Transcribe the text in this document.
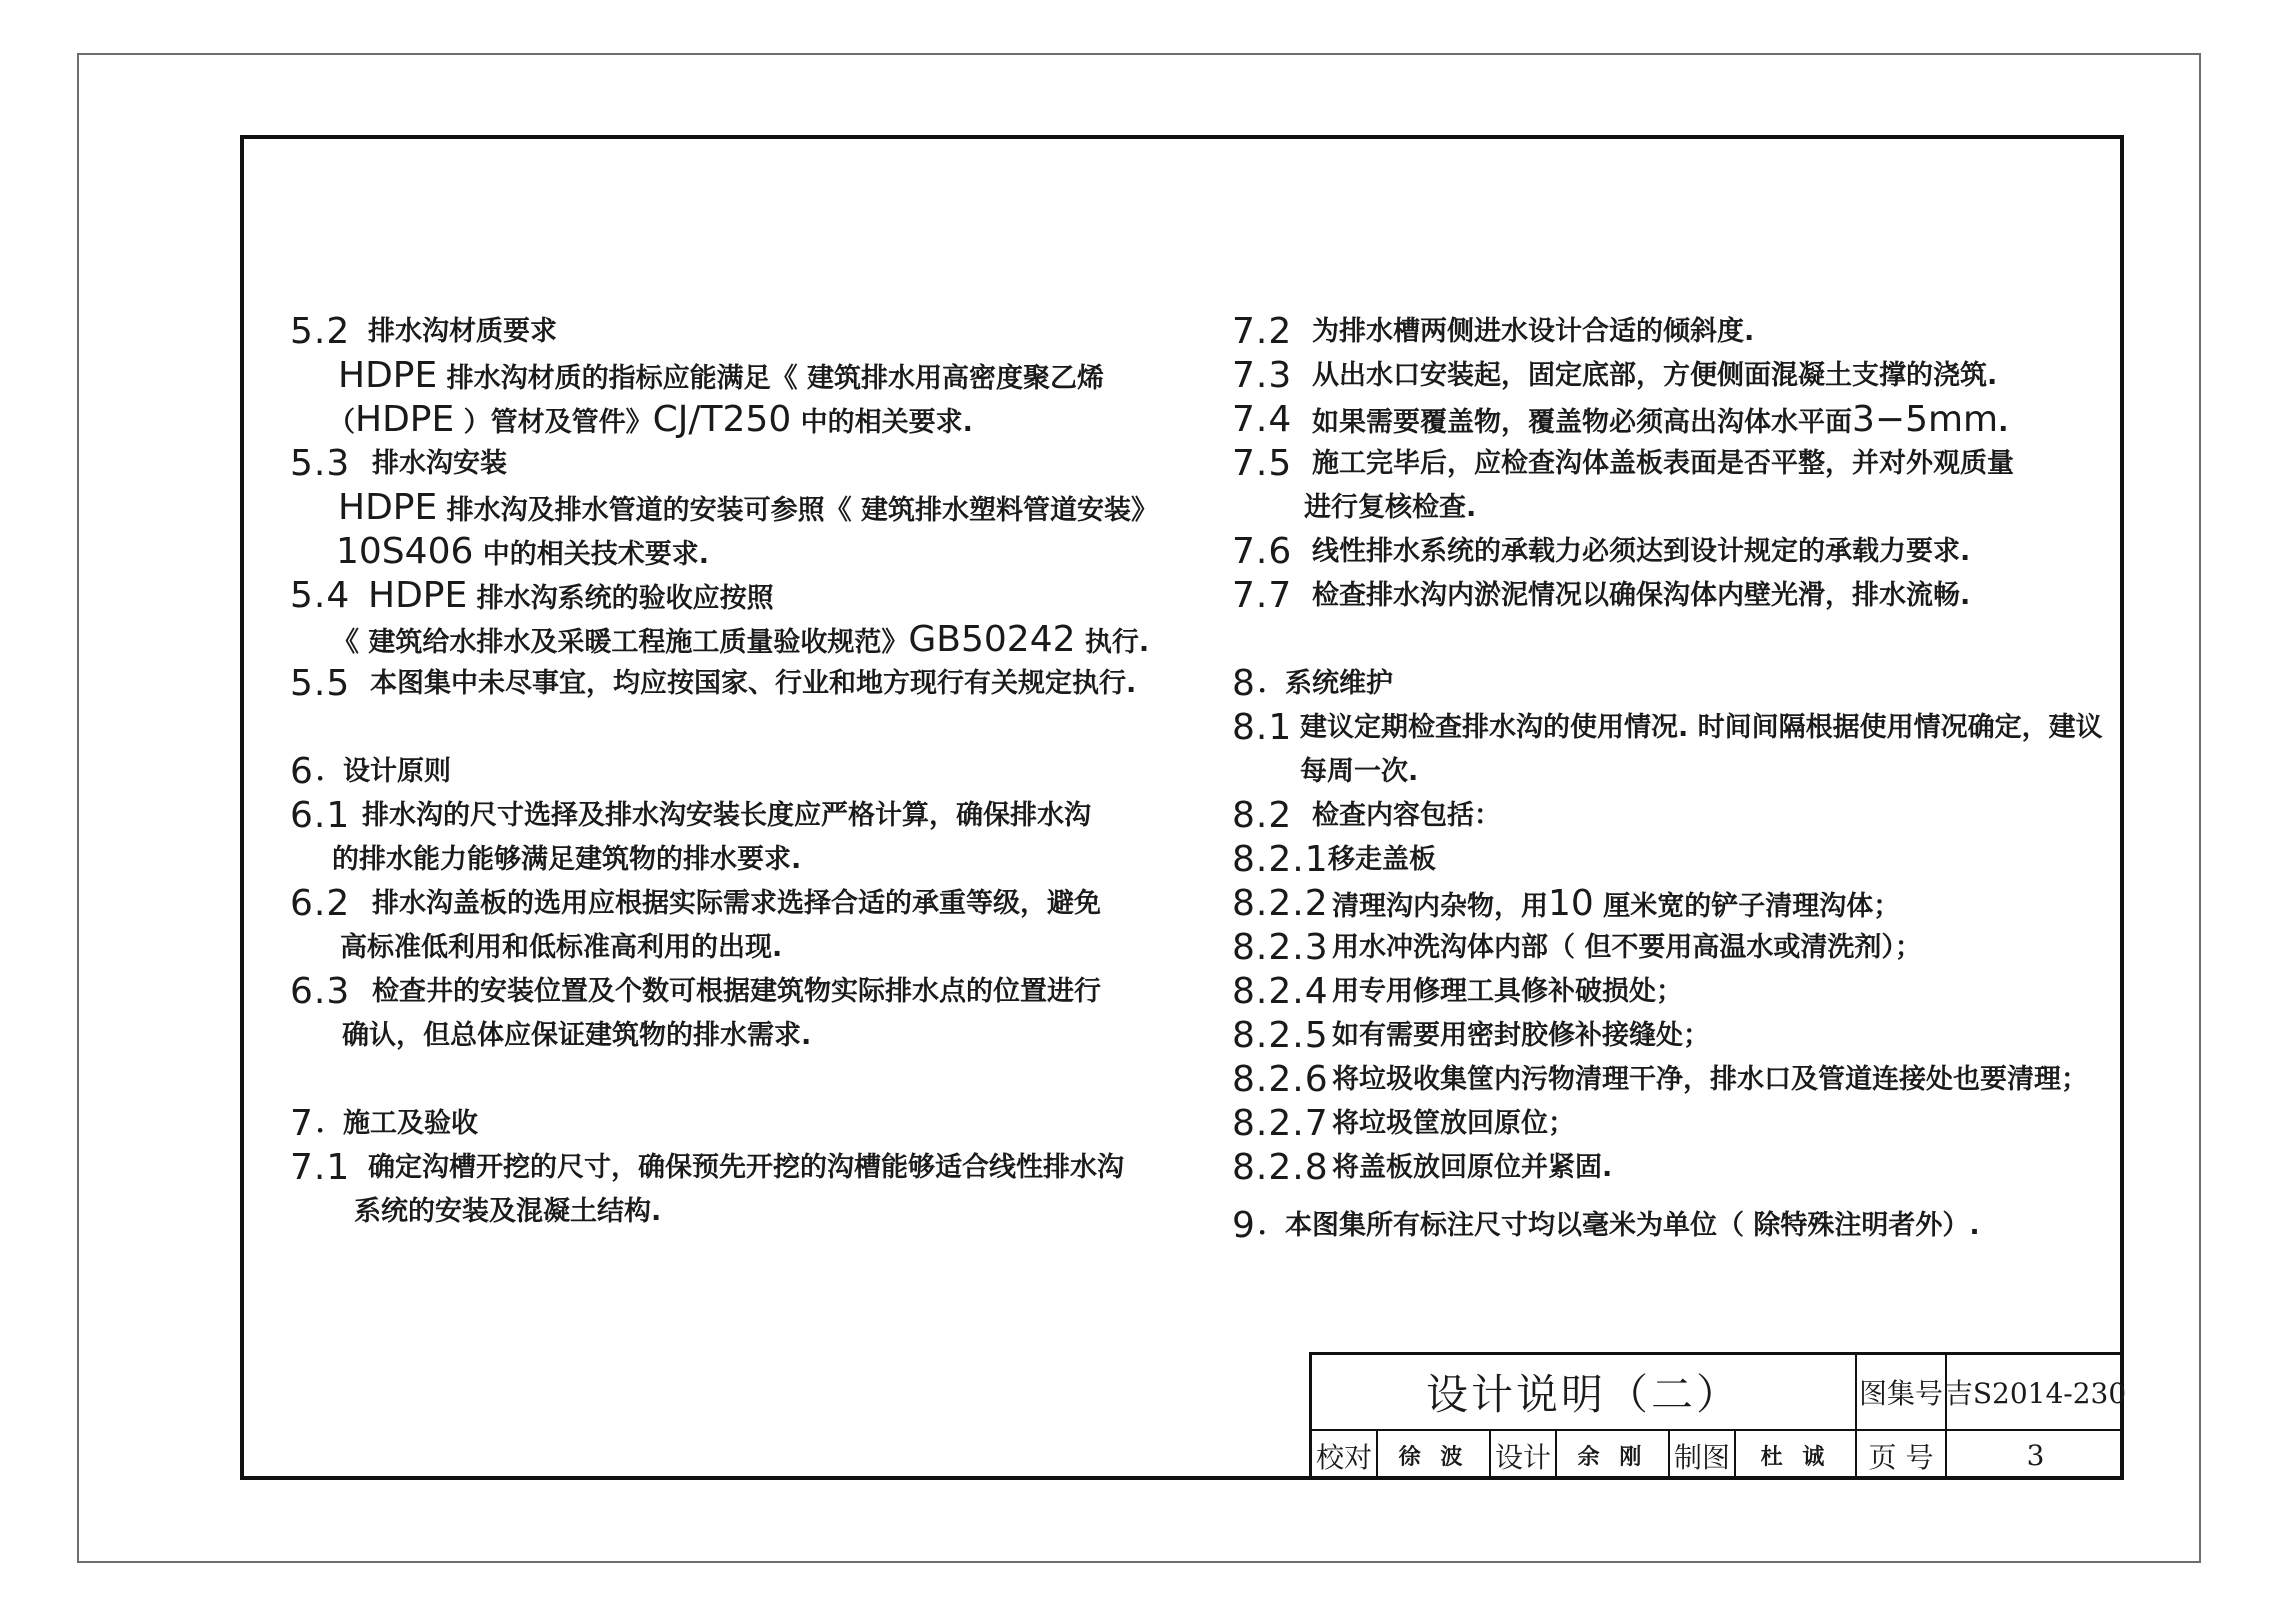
5.2 排水沟材质要求
HDPE 排水沟材质的指标应能满足《 建筑排水用高密度聚乙烯
（HDPE ）管材及管件》CJ/T250 中的相关要求.
5.3 排水沟安装
HDPE 排水沟及排水管道的安装可参照《 建筑排水塑料管道安装》
10S406 中的相关技术要求.
5.4 HDPE 排水沟系统的验收应按照
《 建筑给水排水及采暖工程施工质量验收规范》GB50242 执行.
5.5 本图集中未尽事宜，均应按国家、行业和地方现行有关规定执行.
6 ．设计原则
6.1 排水沟的尺寸选择及排水沟安装长度应严格计算，确保排水沟
的排水能力能够满足建筑物的排水要求.
6.2 排水沟盖板的选用应根据实际需求选择合适的承重等级，避免
高标准低利用和低标准高利用的出现.
6.3 检查井的安装位置及个数可根据建筑物实际排水点的位置进行
确认，但总体应保证建筑物的排水需求.
7 ．施工及验收
7.1 确定沟槽开挖的尺寸，确保预先开挖的沟槽能够适合线性排水沟
系统的安装及混凝土结构.
7.2 为排水槽两侧进水设计合适的倾斜度.
7.3 从出水口安装起，固定底部，方便侧面混凝土支撑的浇筑.
7.4 如果需要覆盖物，覆盖物必须高出沟体水平面3−5mm.
7.5 施工完毕后，应检查沟体盖板表面是否平整，并对外观质量
进行复核检查.
7.6 线性排水系统的承载力必须达到设计规定的承载力要求.
7.7 检查排水沟内淤泥情况以确保沟体内壁光滑，排水流畅.
8 ．系统维护
8.1 建议定期检查排水沟的使用情况. 时间间隔根据使用情况确定，建议
每周一次.
8.2 检查内容包括：
8.2.1 移走盖板
8.2.2 清理沟内杂物，用10 厘米宽的铲子清理沟体；
8.2.3 用水冲洗沟体内部（ 但不要用高温水或清洗剂）；
8.2.4 用专用修理工具修补破损处；
8.2.5 如有需要用密封胶修补接缝处；
8.2.6 将垃圾收集筐内污物清理干净，排水口及管道连接处也要清理；
8.2.7 将垃圾筐放回原位；
8.2.8 将盖板放回原位并紧固.
9 ．本图集所有标注尺寸均以毫米为单位（ 除特殊注明者外）.
设计说明（二）	图集号 吉S2014-230
校对	徐 波 设计	余 刚 制图	杜 诚	页 号	3
